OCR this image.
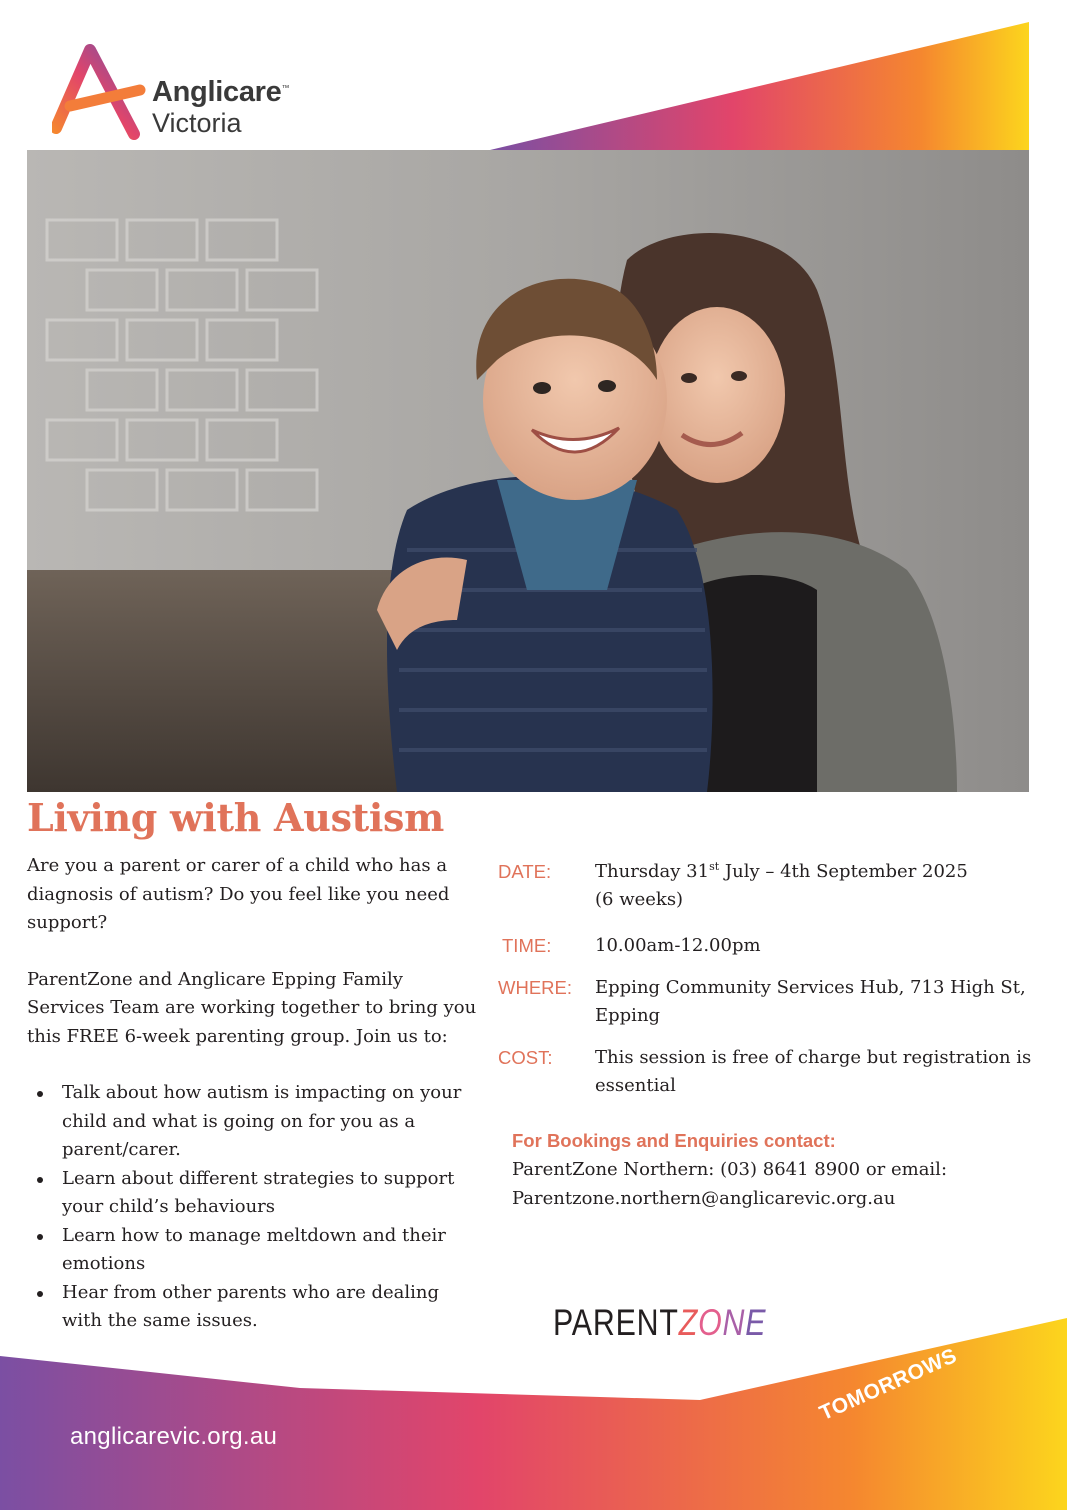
Anglicare™
Victoria
Living with Austism

Are you a parent or carer of a child who has a diagnosis of autism? Do you feel like you need support?

ParentZone and Anglicare Epping Family Services Team are working together to bring you this FREE 6-week parenting group. Join us to:

Talk about how autism is impacting on your child and what is going on for you as a parent/carer.
Learn about different strategies to support your child’s behaviours
Learn how to manage meltdown and their emotions
Hear from other parents who are dealing with the same issues.
DATE: Thursday 31st July – 4th September 2025
(6 weeks)
TIME: 10.00am-12.00pm
WHERE: Epping Community Services Hub, 713 High St, Epping
COST: This session is free of charge but registration is essential
For Bookings and Enquiries contact:
ParentZone Northern: (03) 8641 8900 or email:
Parentzone.northern@anglicarevic.org.au
PARENTZONE
anglicarevic.org.au
TOMORROWS
